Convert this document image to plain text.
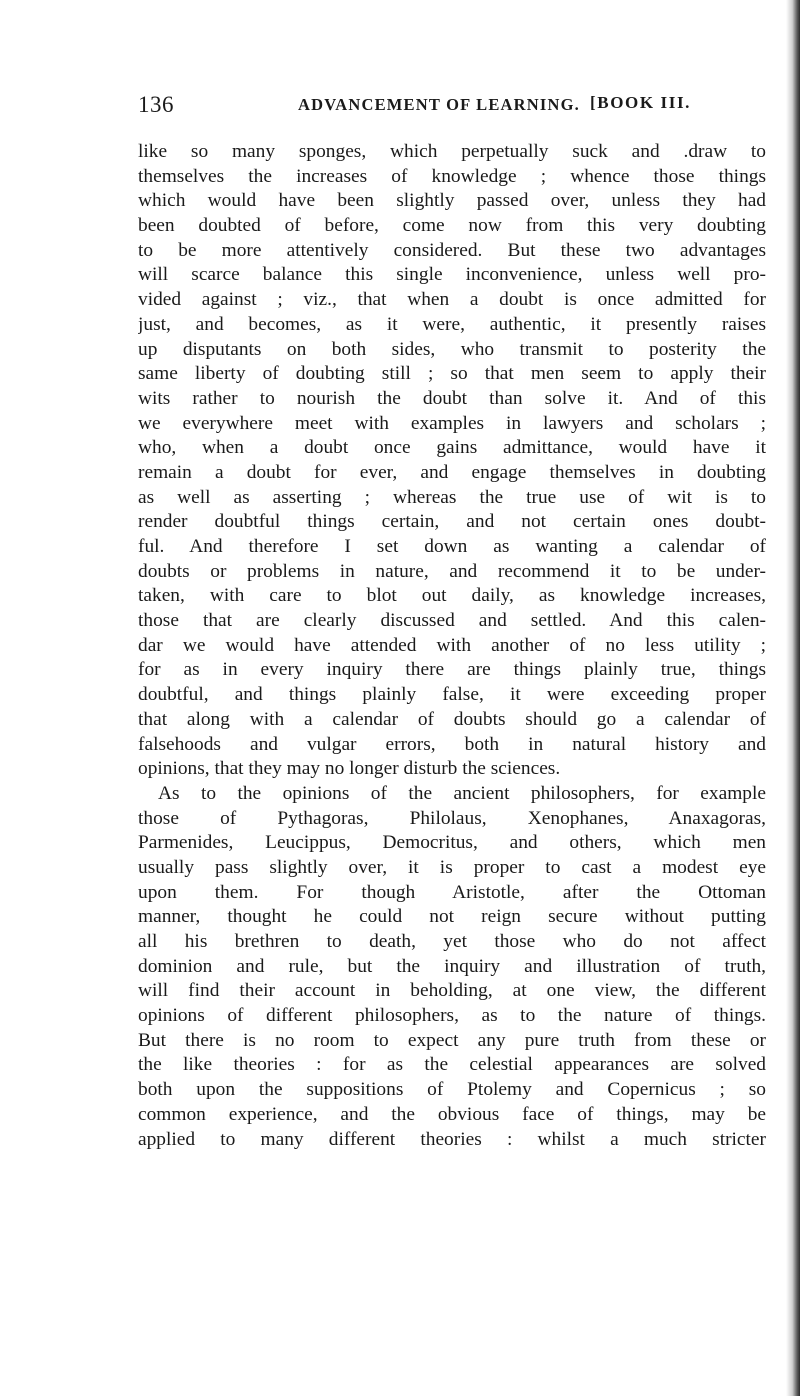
136	ADVANCEMENT OF LEARNING. [BOOK III.
like so many sponges, which perpetually suck and .draw to
themselves the increases of knowledge ; whence those things
which would have been slightly passed over, unless they had
been doubted of before, come now from this very doubting
to be more attentively considered. But these two advantages
will scarce balance this single inconvenience, unless well pro-
vided against ; viz., that when a doubt is once admitted for
just, and becomes, as it were, authentic, it presently raises
up disputants on both sides, who transmit to posterity the
same liberty of doubting still ; so that men seem to apply their
wits rather to nourish the doubt than solve it. And of this
we everywhere meet with examples in lawyers and scholars ;
who, when a doubt once gains admittance, would have it
remain a doubt for ever, and engage themselves in doubting
as well as asserting ; whereas the true use of wit is to
render doubtful things certain, and not certain ones doubt-
ful. And therefore I set down as wanting a calendar of
doubts or problems in nature, and recommend it to be under-
taken, with care to blot out daily, as knowledge increases,
those that are clearly discussed and settled. And this calen-
dar we would have attended with another of no less utility ;
for as in every inquiry there are things plainly true, things
doubtful, and things plainly false, it were exceeding proper
that along with a calendar of doubts should go a calendar of
falsehoods and vulgar errors, both in natural history and
opinions, that they may no longer disturb the sciences.
As to the opinions of the ancient philosophers, for example
those of Pythagoras, Philolaus, Xenophanes, Anaxagoras,
Parmenides, Leucippus, Democritus, and others, which men
usually pass slightly over, it is proper to cast a modest eye
upon them. For though Aristotle, after the Ottoman
manner, thought he could not reign secure without putting
all his brethren to death, yet those who do not affect
dominion and rule, but the inquiry and illustration of truth,
will find their account in beholding, at one view, the different
opinions of different philosophers, as to the nature of things.
But there is no room to expect any pure truth from these or
the like theories : for as the celestial appearances are solved
both upon the suppositions of Ptolemy and Copernicus ; so
common experience, and the obvious face of things, may be
applied to many different theories : whilst a much stricter
